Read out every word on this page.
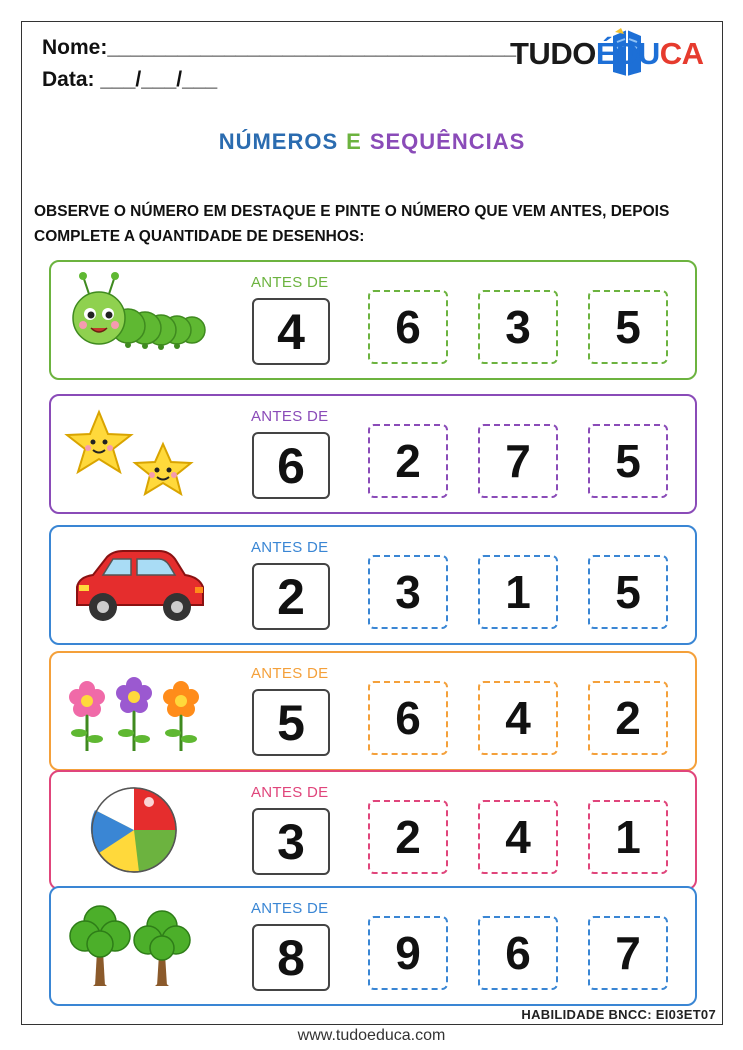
Nome:___________________________________
Data: ___/___/___
TUDOÉDUCA
NÚMEROS E SEQUÊNCIAS
OBSERVE O NÚMERO EM DESTAQUE E PINTE O NÚMERO QUE VEM ANTES, DEPOIS COMPLETE A QUANTIDADE DE DESENHOS:
ANTES DE
4	6	3	5
ANTES DE
6	2	7	5
ANTES DE
2	3	1	5
ANTES DE
5	6	4	2
ANTES DE
3	2	4	1
ANTES DE
8	9	6	7
HABILIDADE BNCC: EI03ET07
www.tudoeduca.com
